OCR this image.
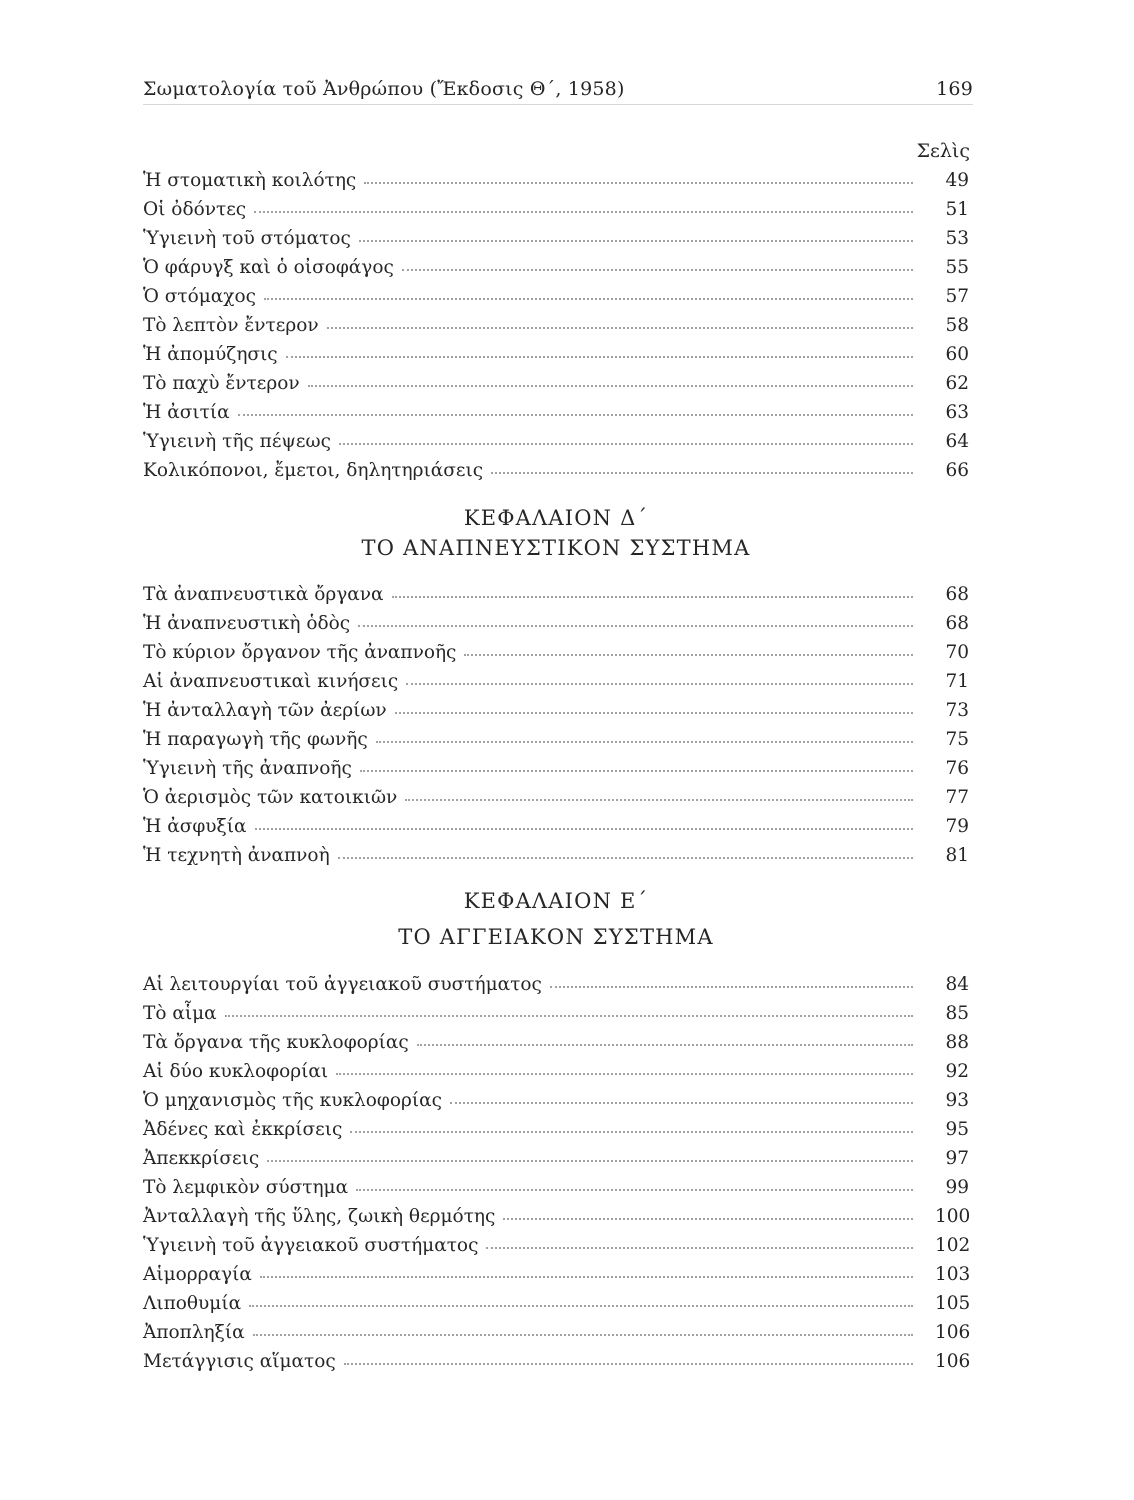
Σωματολογία τοῦ Ἀνθρώπου (Ἔκδοσις Θ΄, 1958)	169
Σελὶς
Ἡ στοματικὴ κοιλότης	49
Οἱ ὀδόντες	51
Ὑγιεινὴ τοῦ στόματος	53
Ὁ φάρυγξ καὶ ὁ οἰσοφάγος	55
Ὁ στόμαχος	57
Τὸ λεπτὸν ἔντερον	58
Ἡ ἀπομύζησις	60
Τὸ παχὺ ἔντερον	62
Ἡ ἀσιτία	63
Ὑγιεινὴ τῆς πέψεως	64
Κολικόπονοι, ἔμετοι, δηλητηριάσεις	66
ΚΕΦΑΛΑΙΟΝ Δ΄
ΤΟ ΑΝΑΠΝΕΥΣΤΙΚΟΝ ΣΥΣΤΗΜΑ
Τὰ ἀναπνευστικὰ ὄργανα	68
Ἡ ἀναπνευστικὴ ὁδὸς	68
Τὸ κύριον ὄργανον τῆς ἀναπνοῆς	70
Αἱ ἀναπνευστικαὶ κινήσεις	71
Ἡ ἀνταλλαγὴ τῶν ἀερίων	73
Ἡ παραγωγὴ τῆς φωνῆς	75
Ὑγιεινὴ τῆς ἀναπνοῆς	76
Ὁ ἀερισμὸς τῶν κατοικιῶν	77
Ἡ ἀσφυξία	79
Ἡ τεχνητὴ ἀναπνοὴ	81
ΚΕΦΑΛΑΙΟΝ Ε΄
ΤΟ ΑΓΓΕΙΑΚΟΝ ΣΥΣΤΗΜΑ
Αἱ λειτουργίαι τοῦ ἀγγειακοῦ συστήματος	84
Τὸ αἷμα	85
Τὰ ὄργανα τῆς κυκλοφορίας	88
Αἱ δύο κυκλοφορίαι	92
Ὁ μηχανισμὸς τῆς κυκλοφορίας	93
Ἀδένες καὶ ἐκκρίσεις	95
Ἀπεκκρίσεις	97
Τὸ λεμφικὸν σύστημα	99
Ἀνταλλαγὴ τῆς ὕλης, ζωικὴ θερμότης	100
Ὑγιεινὴ τοῦ ἀγγειακοῦ συστήματος	102
Αἱμορραγία	103
Λιποθυμία	105
Ἀποπληξία	106
Μετάγγισις αἵματος	106
